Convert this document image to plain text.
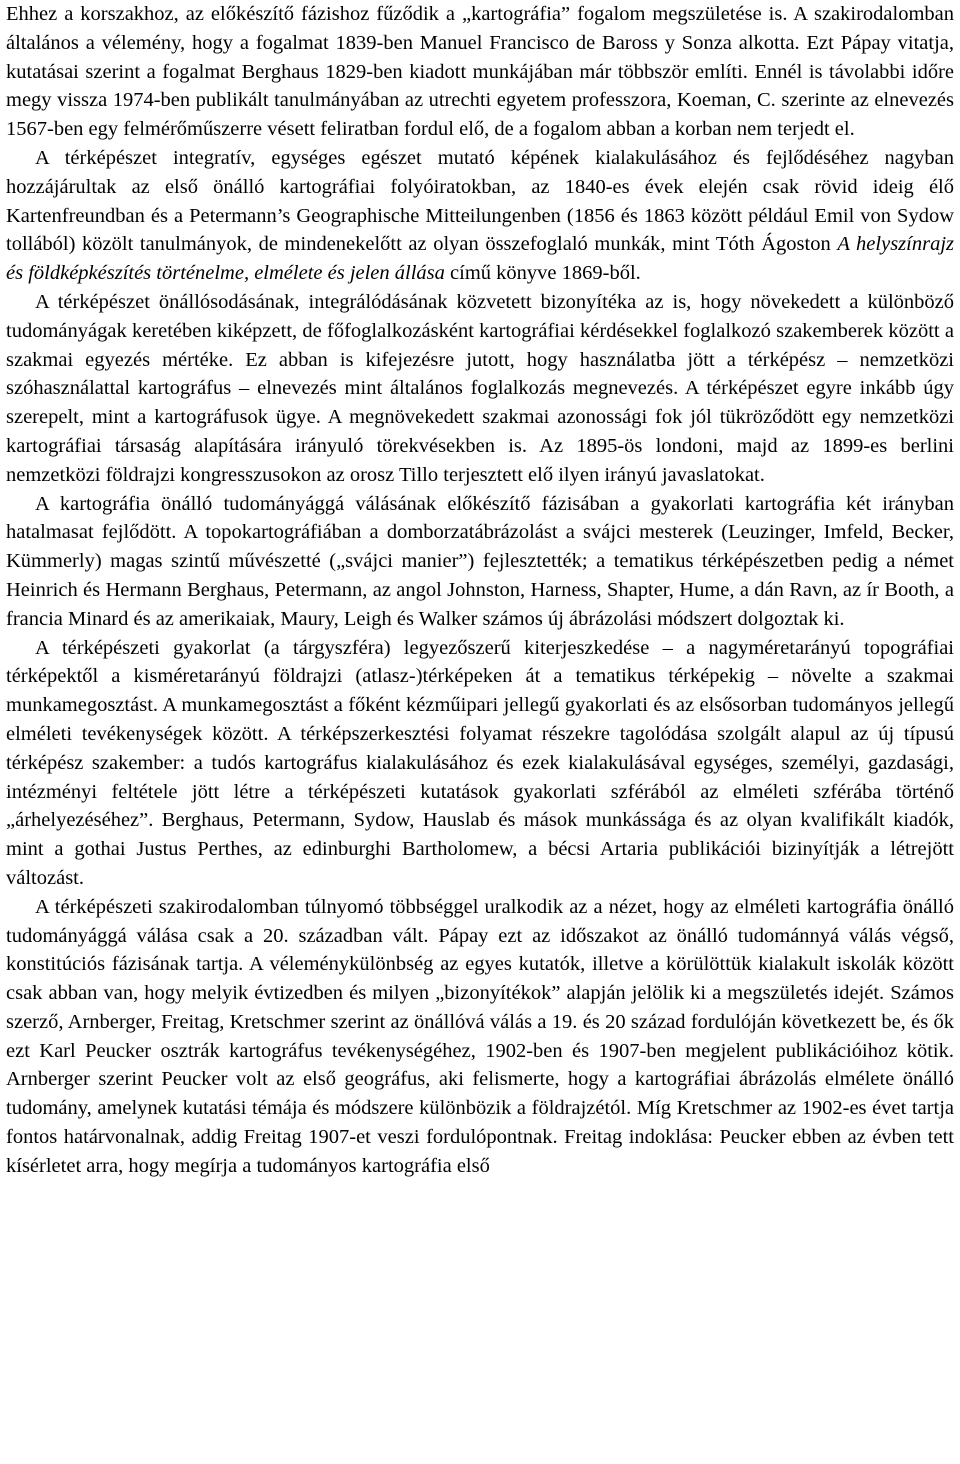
Ehhez a korszakhoz, az előkészítő fázishoz fűződik a „kartográfia” fogalom megszületése is. A szakirodalomban általános a vélemény, hogy a fogalmat 1839-ben Manuel Francisco de Baross y Sonza alkotta. Ezt Pápay vitatja, kutatásai szerint a fogalmat Berghaus 1829-ben kiadott munkájában már többször említi. Ennél is távolabbi időre megy vissza 1974-ben publikált tanulmányában az utrechti egyetem professzora, Koeman, C. szerinte az elnevezés 1567-ben egy felmérőműszerre vésett feliratban fordul elő, de a fogalom abban a korban nem terjedt el.

A térképészet integratív, egységes egészet mutató képének kialakulásához és fejlődéséhez nagyban hozzájárultak az első önálló kartográfiai folyóiratokban, az 1840-es évek elején csak rövid ideig élő Kartenfreundban és a Petermann’s Geographische Mitteilungenben (1856 és 1863 között például Emil von Sydow tollából) közölt tanulmányok, de mindenekelőtt az olyan összefoglaló munkák, mint Tóth Ágoston A helyszínrajz és földképkészítés történelme, elmélete és jelen állása című könyve 1869-ből.

A térképészet önállósodásának, integrálódásának közvetett bizonyítéka az is, hogy növekedett a különböző tudományágak keretében kiképzett, de főfoglalkozásként kartográfiai kérdésekkel foglalkozó szakemberek között a szakmai egyezés mértéke. Ez abban is kifejezésre jutott, hogy használatba jött a térképész – nemzetközi szóhasználattal kartográfus – elnevezés mint általános foglalkozás megnevezés. A térképészet egyre inkább úgy szerepelt, mint a kartográfusok ügye. A megnövekedett szakmai azonossági fok jól tükröződött egy nemzetközi kartográfiai társaság alapítására irányuló törekvésekben is. Az 1895-ös londoni, majd az 1899-es berlini nemzetközi földrajzi kongresszusokon az orosz Tillo terjesztett elő ilyen irányú javaslatokat.

A kartográfia önálló tudományággá válásának előkészítő fázisában a gyakorlati kartográfia két irányban hatalmasat fejlődött. A topokartográfiában a domborzatábrázolást a svájci mesterek (Leuzinger, Imfeld, Becker, Kümmerly) magas szintű művészetté („svájci manier”) fejlesztették; a tematikus térképészetben pedig a német Heinrich és Hermann Berghaus, Petermann, az angol Johnston, Harness, Shapter, Hume, a dán Ravn, az ír Booth, a francia Minard és az amerikaiak, Maury, Leigh és Walker számos új ábrázolási módszert dolgoztak ki.

A térképészeti gyakorlat (a tárgyszféra) legyezőszerű kiterjeszkedése – a nagyméretarányú topográfiai térképektől a kisméretarányú földrajzi (atlasz-)térképeken át a tematikus térképekig – növelte a szakmai munkamegosztást. A munkamegosztást a főként kézműipari jellegű gyakorlati és az elsősorban tudományos jellegű elméleti tevékenységek között. A térképszerkesztési folyamat részekre tagolódása szolgált alapul az új típusú térképész szakember: a tudós kartográfus kialakulásához és ezek kialakulásával egységes, személyi, gazdasági, intézményi feltétele jött létre a térképészeti kutatások gyakorlati szférából az elméleti szférába történő „árhelyezéséhez”. Berghaus, Petermann, Sydow, Hauslab és mások munkássága és az olyan kvalifikált kiadók, mint a gothai Justus Perthes, az edinburghi Bartholomew, a bécsi Artaria publikációi bizinyítják a létrejött változást.

A térképészeti szakirodalomban túlnyomó többséggel uralkodik az a nézet, hogy az elméleti kartográfia önálló tudományággá válása csak a 20. században vált. Pápay ezt az időszakot az önálló tudománnyá válás végső, konstitúciós fázisának tartja. A véleménykülönbség az egyes kutatók, illetve a körülöttük kialakult iskolák között csak abban van, hogy melyik évtizedben és milyen „bizonyítékok” alapján jelölik ki a megszületés idejét. Számos szerző, Arnberger, Freitag, Kretschmer szerint az önállóvá válás a 19. és 20 század fordulóján következett be, és ők ezt Karl Peucker osztrák kartográfus tevékenységéhez, 1902-ben és 1907-ben megjelent publikációihoz kötik. Arnberger szerint Peucker volt az első geográfus, aki felismerte, hogy a kartográfiai ábrázolás elmélete önálló tudomány, amelynek kutatási témája és módszere különbözik a földrajzétól. Míg Kretschmer az 1902-es évet tartja fontos határvonalnak, addig Freitag 1907-et veszi fordulópontnak. Freitag indoklása: Peucker ebben az évben tett kísérletet arra, hogy megírja a tudományos kartográfia első
